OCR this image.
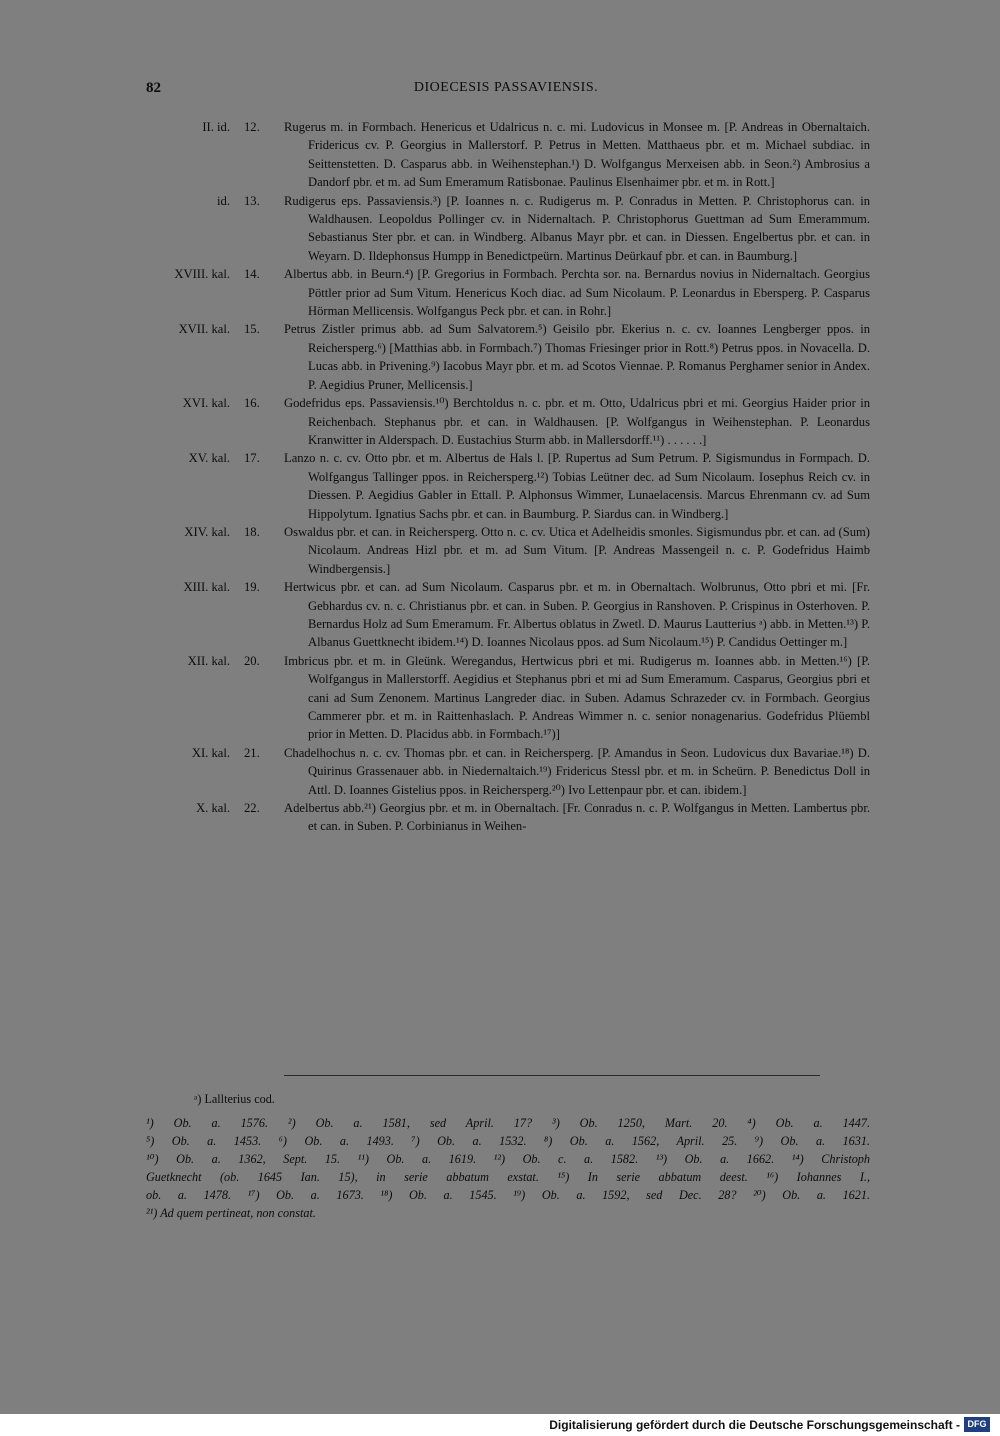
82	DIOECESIS PASSAVIENSIS.
II. id. 12.	Rugerus m. in Formbach. Henericus et Udalricus n. c. mi. Ludovicus in Monsee m. [P. Andreas in Obernaltaich. Fridericus cv. P. Georgius in Mallerstorf. P. Petrus in Metten. Matthaeus pbr. et m. Michael subdiac. in Seittenstetten. D. Casparus abb. in Weihenstephan.¹) D. Wolfgangus Merxeisen abb. in Seon.²) Ambrosius a Dandorf pbr. et m. ad Sum Emeramum Ratisbonae. Paulinus Elsenhaimer pbr. et m. in Rott.]
id. 13.	Rudigerus eps. Passaviensis.³) [P. Ioannes n. c. Rudigerus m. P. Conradus in Metten. P. Christophorus can. in Waldhausen. Leopoldus Pollinger cv. in Nidernaltach. P. Christophorus Guettman ad Sum Emerammum. Sebastianus Ster pbr. et can. in Windberg. Albanus Mayr pbr. et can. in Diessen. Engelbertus pbr. et can. in Weyarn. D. Ildephonsus Humpp in Benedictpeürn. Martinus Deürkauf pbr. et can. in Baumburg.]
XVIII. kal. 14.	Albertus abb. in Beurn.⁴) [P. Gregorius in Formbach. Perchta sor. na. Bernardus novius in Nidernaltach. Georgius Pöttler prior ad Sum Vitum. Henericus Koch diac. ad Sum Nicolaum. P. Leonardus in Ebersperg. P. Casparus Hörman Mellicensis. Wolfgangus Peck pbr. et can. in Rohr.]
XVII. kal. 15.	Petrus Zistler primus abb. ad Sum Salvatorem.⁵) Geisilo pbr. Ekerius n. c. cv. Ioannes Lengberger ppos. in Reichersperg.⁶) [Matthias abb. in Formbach.⁷) Thomas Friesinger prior in Rott.⁸) Petrus ppos. in Novacella. D. Lucas abb. in Privening.⁹) Iacobus Mayr pbr. et m. ad Scotos Viennae. P. Romanus Perghamer senior in Andex. P. Aegidius Pruner, Mellicensis.]
XVI. kal. 16.	Godefridus eps. Passaviensis.¹⁰) Berchtoldus n. c. pbr. et m. Otto, Udalricus pbri et mi. Georgius Haider prior in Reichenbach. Stephanus pbr. et can. in Waldhausen. [P. Wolfgangus in Weihenstephan. P. Leonardus Kranwitter in Alderspach. D. Eustachius Sturm abb. in Mallersdorff.¹¹) . . . . . .]
XV. kal. 17.	Lanzo n. c. cv. Otto pbr. et m. Albertus de Hals l. [P. Rupertus ad Sum Petrum. P. Sigismundus in Formpach. D. Wolfgangus Tallinger ppos. in Reichersperg.¹²) Tobias Leütner dec. ad Sum Nicolaum. Iosephus Reich cv. in Diessen. P. Aegidius Gabler in Ettall. P. Alphonsus Wimmer, Lunaelacensis. Marcus Ehrenmann cv. ad Sum Hippolytum. Ignatius Sachs pbr. et can. in Baumburg. P. Siardus can. in Windberg.]
XIV. kal. 18.	Oswaldus pbr. et can. in Reichersperg. Otto n. c. cv. Utica et Adelheidis smonles. Sigismundus pbr. et can. ad (Sum) Nicolaum. Andreas Hizl pbr. et m. ad Sum Vitum. [P. Andreas Massengeil n. c. P. Godefridus Haimb Windbergensis.]
XIII. kal. 19.	Hertwicus pbr. et can. ad Sum Nicolaum. Casparus pbr. et m. in Obernaltach. Wolbrunus, Otto pbri et mi. [Fr. Gebhardus cv. n. c. Christianus pbr. et can. in Suben. P. Georgius in Ranshoven. P. Crispinus in Osterhoven. P. Bernardus Holz ad Sum Emeramum. Fr. Albertus oblatus in Zwetl. D. Maurus Lautterius ᵃ) abb. in Metten.¹³) P. Albanus Guettknecht ibidem.¹⁴) D. Ioannes Nicolaus ppos. ad Sum Nicolaum.¹⁵) P. Candidus Oettinger m.]
XII. kal. 20.	Imbricus pbr. et m. in Gleünk. Weregandus, Hertwicus pbri et mi. Rudigerus m. Ioannes abb. in Metten.¹⁶) [P. Wolfgangus in Mallerstorff. Aegidius et Stephanus pbri et mi ad Sum Emeramum. Casparus, Georgius pbri et cani ad Sum Zenonem. Martinus Langreder diac. in Suben. Adamus Schrazeder cv. in Formbach. Georgius Cammerer pbr. et m. in Raittenhaslach. P. Andreas Wimmer n. c. senior nonagenarius. Godefridus Plüembl prior in Metten. D. Placidus abb. in Formbach.¹⁷)]
XI. kal. 21.	Chadelhochus n. c. cv. Thomas pbr. et can. in Reichersperg. [P. Amandus in Seon. Ludovicus dux Bavariae.¹⁸) D. Quirinus Grassenauer abb. in Niedernaltaich.¹⁹) Fridericus Stessl pbr. et m. in Scheürn. P. Benedictus Doll in Attl. D. Ioannes Gistelius ppos. in Reichersperg.²⁰) Ivo Lettenpaur pbr. et can. ibidem.]
X. kal. 22.	Adelbertus abb.²¹) Georgius pbr. et m. in Obernaltach. [Fr. Conradus n. c. P. Wolfgangus in Metten. Lambertus pbr. et can. in Suben. P. Corbinianus in Weihen-
ᵃ) Lallterius cod.

¹) Ob. a. 1576. ²) Ob. a. 1581, sed April. 17? ³) Ob. 1250, Mart. 20. ⁴) Ob. a. 1447.

⁵) Ob. a. 1453. ⁶) Ob. a. 1493. ⁷) Ob. a. 1532. ⁸) Ob. a. 1562, April. 25. ⁹) Ob. a. 1631.

¹⁰) Ob. a. 1362, Sept. 15. ¹¹) Ob. a. 1619. ¹²) Ob. c. a. 1582. ¹³) Ob. a. 1662. ¹⁴) Christoph

Guetknecht (ob. 1645 Ian. 15), in serie abbatum exstat. ¹⁵) In serie abbatum deest. ¹⁶) Iohannes I.,

ob. a. 1478. ¹⁷) Ob. a. 1673. ¹⁸) Ob. a. 1545. ¹⁹) Ob. a. 1592, sed Dec. 28? ²⁰) Ob. a. 1621.

²¹) Ad quem pertineat, non constat.

Digitalisierung gefördert durch die Deutsche Forschungsgemeinschaft - DFG
